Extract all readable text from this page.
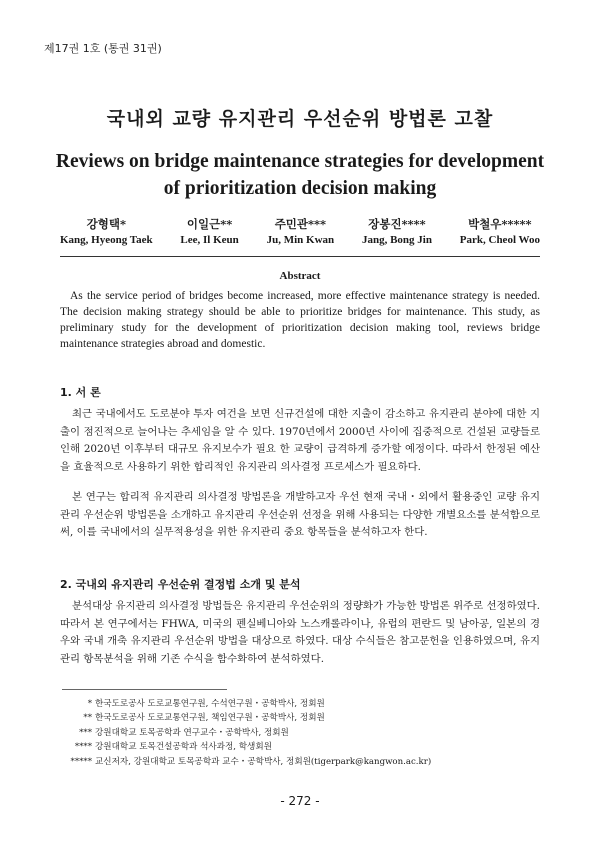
제17권 1호 (통권 31권)
국내외 교량 유지관리 우선순위 방법론 고찰
Reviews on bridge maintenance strategies for development
of prioritization decision making
강형택*
Kang, Hyeong Taek
이일근**
Lee, Il Keun
주민관***
Ju, Min Kwan
장봉진****
Jang, Bong Jin
박철우*****
Park, Cheol Woo
Abstract
As the service period of bridges become increased, more effective maintenance strategy is needed. The decision making strategy should be able to prioritize bridges for maintenance. This study, as preliminary study for the development of prioritization decision making tool, reviews bridge maintenance strategies abroad and domestic.
1. 서 론
최근 국내에서도 도로분야 투자 여건을 보면 신규건설에 대한 지출이 감소하고 유지관리 분야에 대한 지출이 점진적으로 늘어나는 추세임을 알 수 있다. 1970년에서 2000년 사이에 집중적으로 건설된 교량들로 인해 2020년 이후부터 대규모 유지보수가 필요 한 교량이 급격하게 증가할 예정이다. 따라서 한정된 예산을 효율적으로 사용하기 위한 합리적인 유지관리 의사결정 프로세스가 필요하다.
본 연구는 합리적 유지관리 의사결정 방법론을 개발하고자 우선 현재 국내・외에서 활용중인 교량 유지관리 우선순위 방법론을 소개하고 유지관리 우선순위 선정을 위해 사용되는 다양한 개별요소를 분석함으로써, 이를 국내에서의 실무적용성을 위한 유지관리 중요 항목들을 분석하고자 한다.
2. 국내외 유지관리 우선순위 결정법 소개 및 분석
분석대상 유지관리 의사결정 방법들은 유지관리 우선순위의 정량화가 가능한 방법론 위주로 선정하였다. 따라서 본 연구에서는 FHWA, 미국의 펜실베니아와 노스캐롤라이나, 유럽의 편란드 및 남아공, 일본의 경우와 국내 개축 유지관리 우선순위 방법을 대상으로 하였다. 대상 수식들은 참고문헌을 인용하였으며, 유지관리 항목분석을 위해 기존 수식을 함수화하여 분석하였다.
* 한국도로공사 도로교통연구원, 수석연구원・공학박사, 정회원
** 한국도로공사 도로교통연구원, 책임연구원・공학박사, 정회원
*** 강원대학교 토목공학과 연구교수・공학박사, 정회원
**** 강원대학교 토목건설공학과 석사과정, 학생회원
***** 교신저자, 강원대학교 토목공학과 교수・공학박사, 정회원(tigerpark@kangwon.ac.kr)
- 272 -
